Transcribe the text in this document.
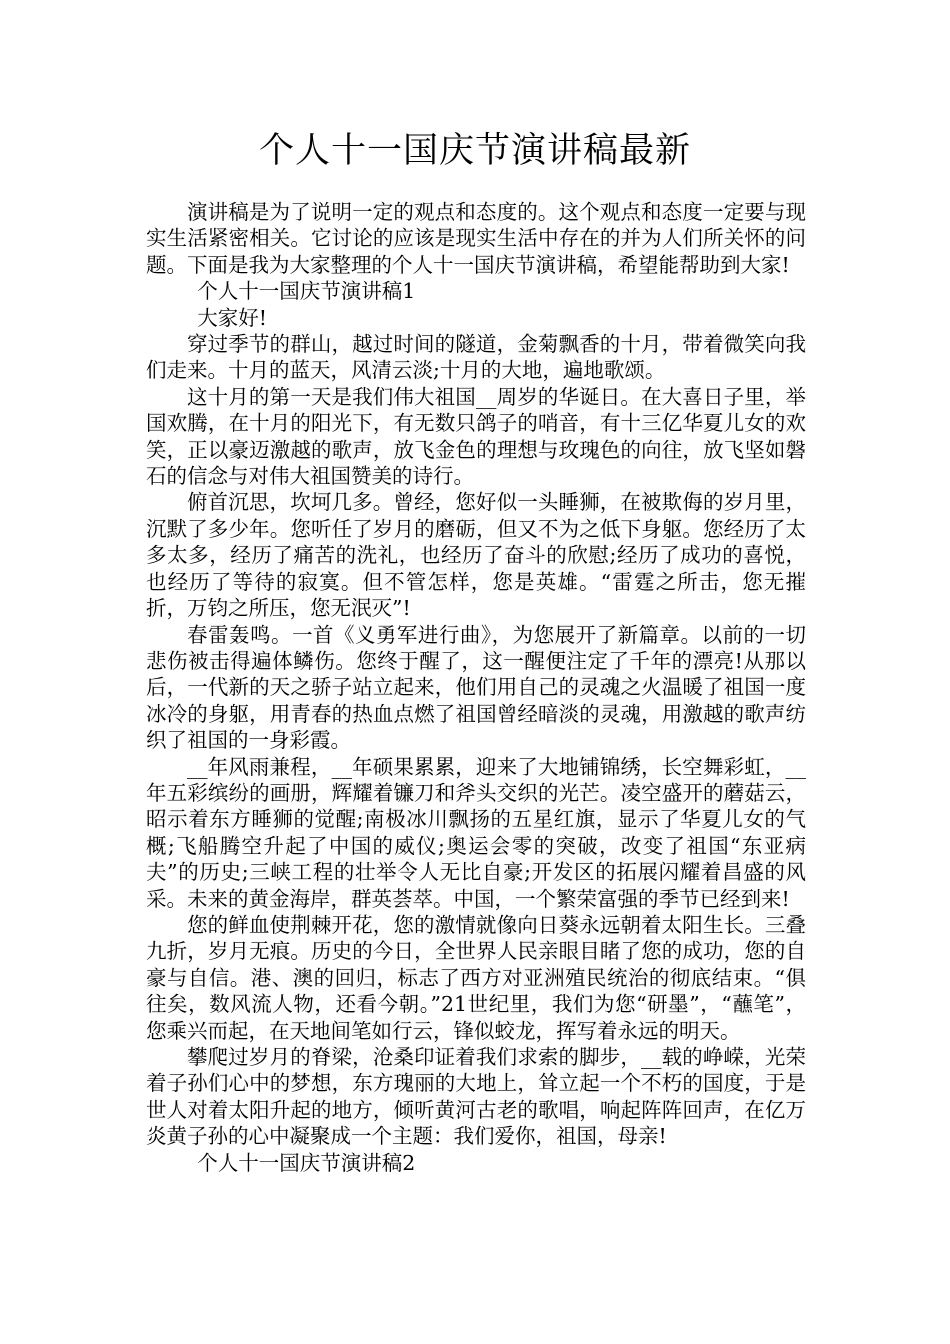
个人十一国庆节演讲稿最新

演讲稿是为了说明一定的观点和态度的。这个观点和态度一定要与现实生活紧密相关。它讨论的应该是现实生活中存在的并为人们所关怀的问题。下面是我为大家整理的个人十一国庆节演讲稿，希望能帮助到大家!

个人十一国庆节演讲稿1

大家好!

穿过季节的群山，越过时间的隧道，金菊飘香的十月，带着微笑向我们走来。十月的蓝天，风清云淡;十月的大地，遍地歌颂。

这十月的第一天是我们伟大祖国__周岁的华诞日。在大喜日子里，举国欢腾，在十月的阳光下，有无数只鸽子的哨音，有十三亿华夏儿女的欢笑，正以豪迈激越的歌声，放飞金色的理想与玫瑰色的向往，放飞坚如磐石的信念与对伟大祖国赞美的诗行。

俯首沉思，坎坷几多。曾经，您好似一头睡狮，在被欺侮的岁月里，沉默了多少年。您听任了岁月的磨砺，但又不为之低下身躯。您经历了太多太多，经历了痛苦的洗礼，也经历了奋斗的欣慰;经历了成功的喜悦，也经历了等待的寂寞。但不管怎样，您是英雄。“雷霆之所击，您无摧折，万钧之所压，您无泯灭”!

春雷轰鸣。一首《义勇军进行曲》，为您展开了新篇章。以前的一切悲伤被击得遍体鳞伤。您终于醒了，这一醒便注定了千年的漂亮!从那以后，一代新的天之骄子站立起来，他们用自己的灵魂之火温暖了祖国一度冰冷的身躯，用青春的热血点燃了祖国曾经暗淡的灵魂，用激越的歌声纺织了祖国的一身彩霞。

__年风雨兼程，__年硕果累累，迎来了大地铺锦绣，长空舞彩虹，__年五彩缤纷的画册，辉耀着镰刀和斧头交织的光芒。凌空盛开的蘑菇云，昭示着东方睡狮的觉醒;南极冰川飘扬的五星红旗，显示了华夏儿女的气概;飞船腾空升起了中国的威仪;奥运会零的突破，改变了祖国“东亚病夫”的历史;三峡工程的壮举令人无比自豪;开发区的拓展闪耀着昌盛的风采。未来的黄金海岸，群英荟萃。中国，一个繁荣富强的季节已经到来!

您的鲜血使荆棘开花，您的激情就像向日葵永远朝着太阳生长。三叠九折，岁月无痕。历史的今日，全世界人民亲眼目睹了您的成功，您的自豪与自信。港、澳的回归，标志了西方对亚洲殖民统治的彻底结束。“俱往矣，数风流人物，还看今朝。”21世纪里，我们为您“研墨”，“蘸笔”，您乘兴而起，在天地间笔如行云，锋似蛟龙，挥写着永远的明天。

攀爬过岁月的脊梁，沧桑印证着我们求索的脚步，__载的峥嵘，光荣着子孙们心中的梦想，东方瑰丽的大地上，耸立起一个不朽的国度，于是世人对着太阳升起的地方，倾听黄河古老的歌唱，响起阵阵回声，在亿万炎黄子孙的心中凝聚成一个主题：我们爱你，祖国，母亲!

个人十一国庆节演讲稿2
